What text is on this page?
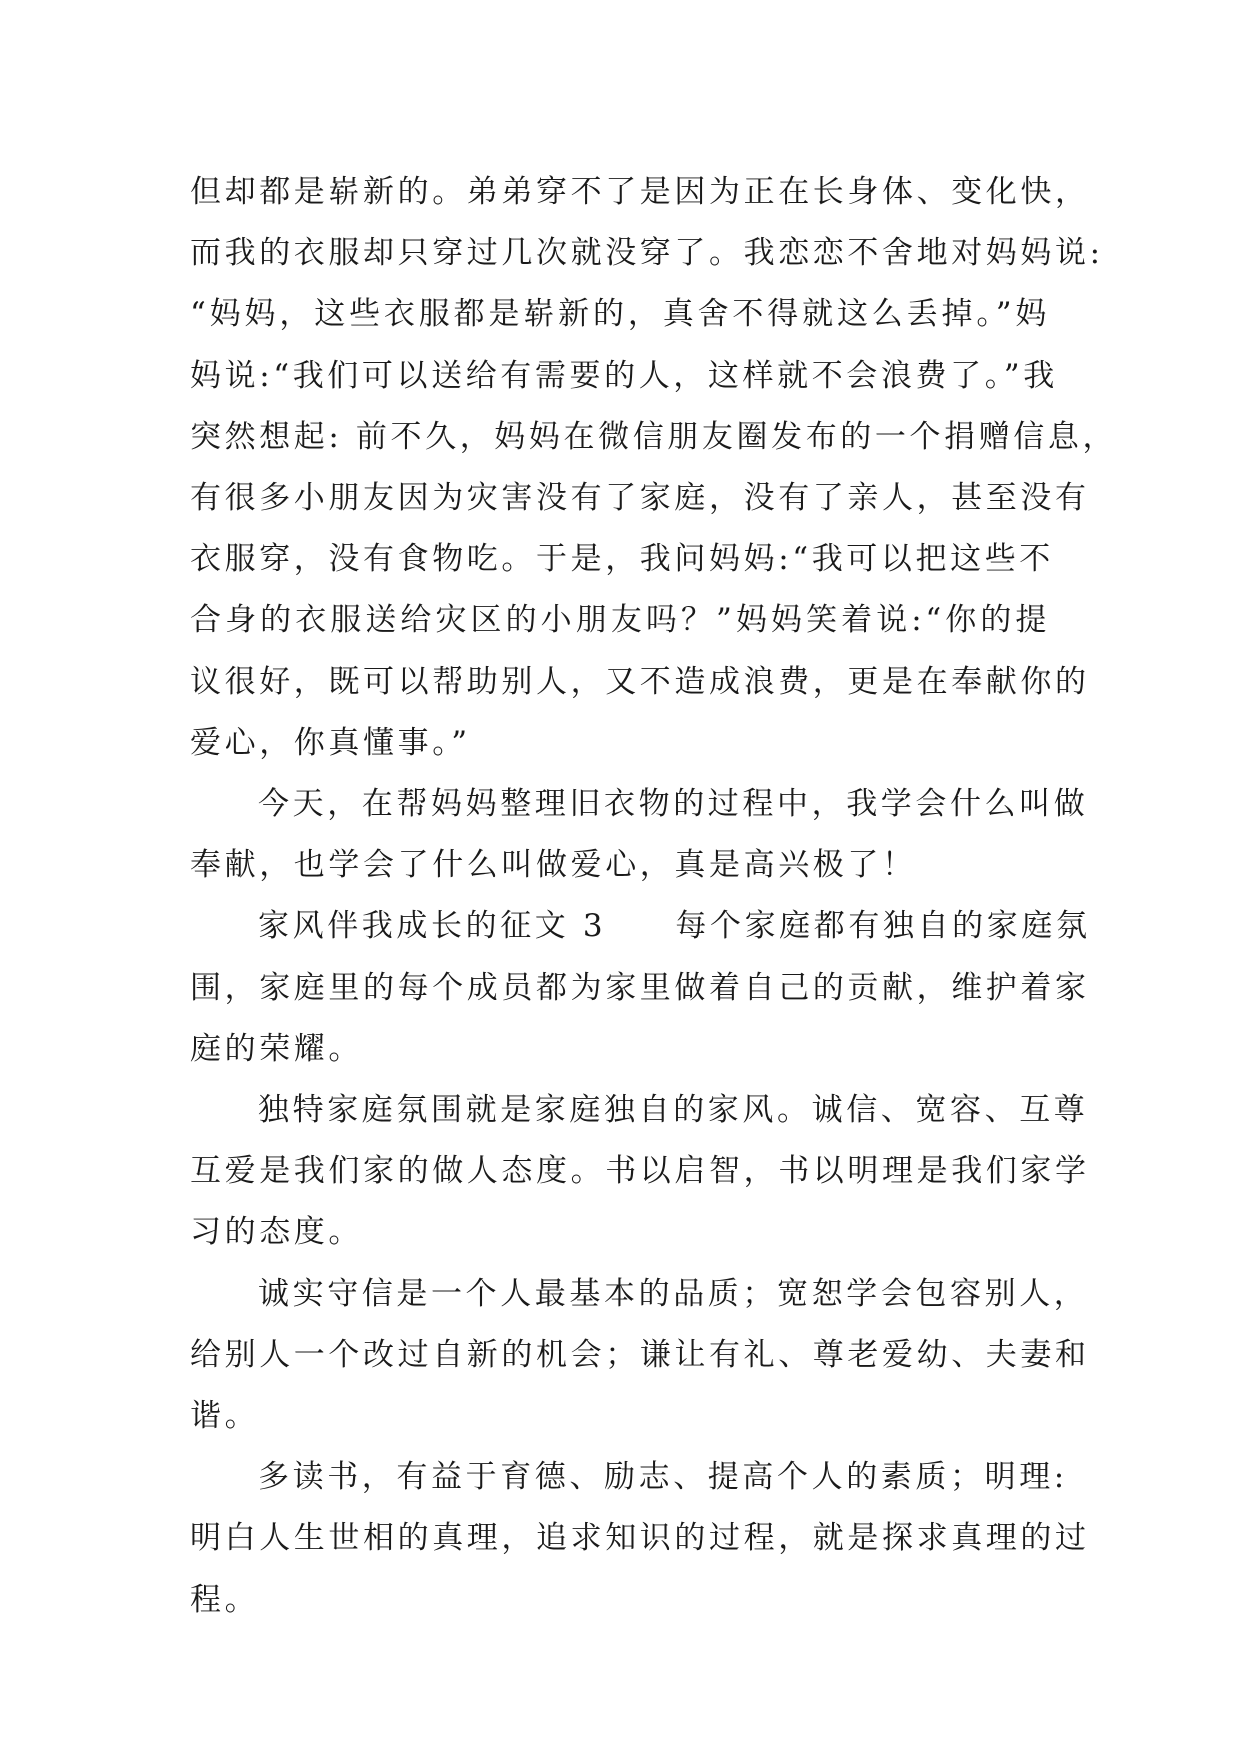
但却都是崭新的。弟弟穿不了是因为正在长身体、变化快，
而我的衣服却只穿过几次就没穿了。我恋恋不舍地对妈妈说:
“妈妈，这些衣服都是崭新的，真舍不得就这么丢掉。”妈
妈说:“我们可以送给有需要的人，这样就不会浪费了。”我
突然想起: 前不久，妈妈在微信朋友圈发布的一个捐赠信息，
有很多小朋友因为灾害没有了家庭，没有了亲人，甚至没有
衣服穿，没有食物吃。于是，我问妈妈:“我可以把这些不
合身的衣服送给灾区的小朋友吗？”妈妈笑着说:“你的提
议很好，既可以帮助别人，又不造成浪费，更是在奉献你的
爱心，你真懂事。”
今天，在帮妈妈整理旧衣物的过程中，我学会什么叫做
奉献，也学会了什么叫做爱心，真是高兴极了！
家风伴我成长的征文 3　　每个家庭都有独自的家庭氛
围，家庭里的每个成员都为家里做着自己的贡献，维护着家
庭的荣耀。
独特家庭氛围就是家庭独自的家风。诚信、宽容、互尊
互爱是我们家的做人态度。书以启智，书以明理是我们家学
习的态度。
诚实守信是一个人最基本的品质；宽恕学会包容别人，
给别人一个改过自新的机会；谦让有礼、尊老爱幼、夫妻和
谐。
多读书，有益于育德、励志、提高个人的素质；明理:
明白人生世相的真理，追求知识的过程，就是探求真理的过
程。
